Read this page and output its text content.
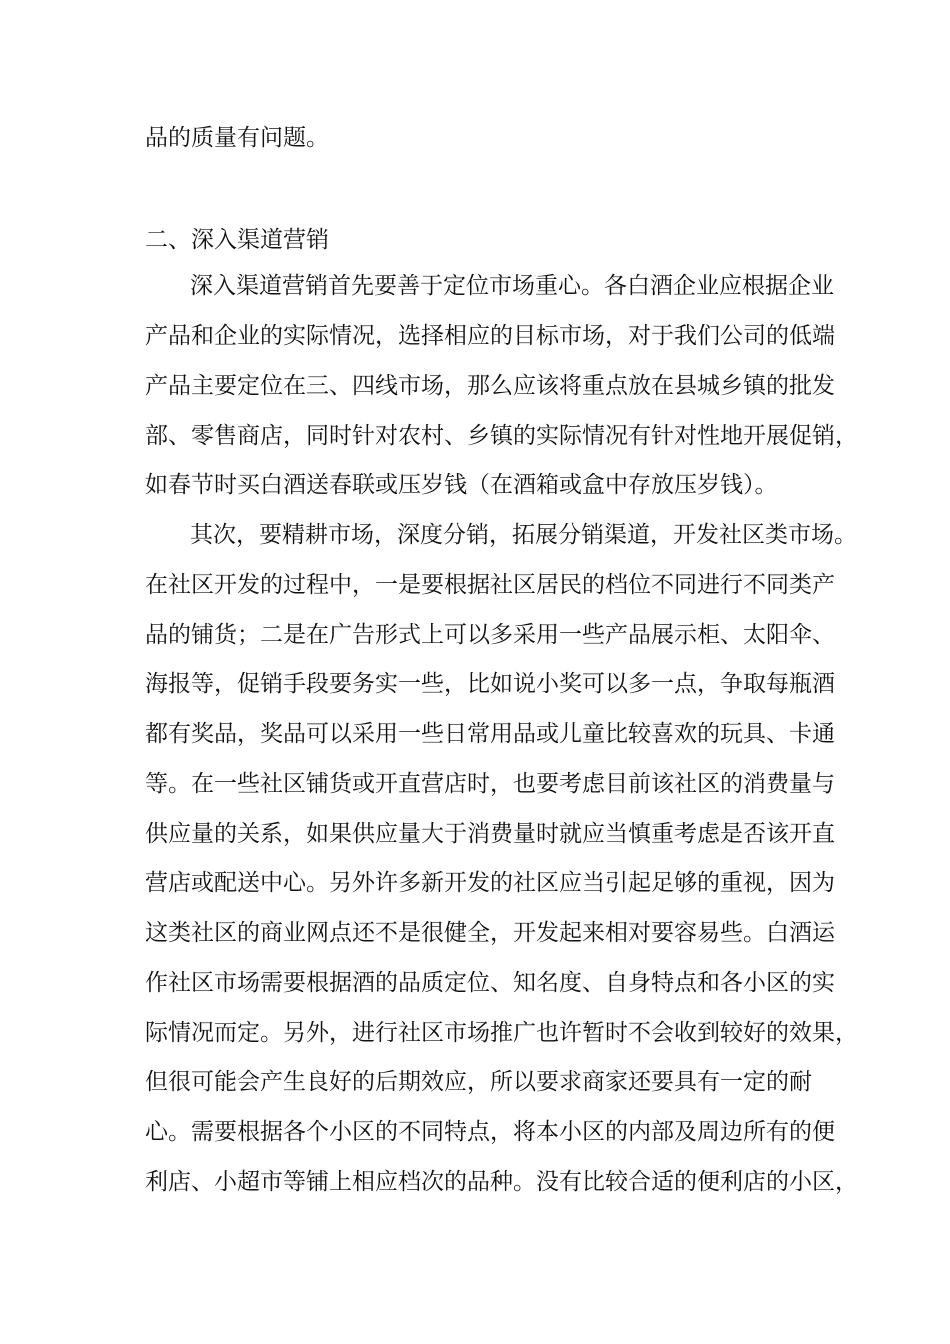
品的质量有问题。
二、深入渠道营销
深入渠道营销首先要善于定位市场重心。各白酒企业应根据企业
产品和企业的实际情况，选择相应的目标市场，对于我们公司的低端
产品主要定位在三、四线市场，那么应该将重点放在县城乡镇的批发
部、零售商店，同时针对农村、乡镇的实际情况有针对性地开展促销，
如春节时买白酒送春联或压岁钱（在酒箱或盒中存放压岁钱）。
其次，要精耕市场，深度分销，拓展分销渠道，开发社区类市场。
在社区开发的过程中，一是要根据社区居民的档位不同进行不同类产
品的铺货；二是在广告形式上可以多采用一些产品展示柜、太阳伞、
海报等，促销手段要务实一些，比如说小奖可以多一点，争取每瓶酒
都有奖品，奖品可以采用一些日常用品或儿童比较喜欢的玩具、卡通
等。在一些社区铺货或开直营店时，也要考虑目前该社区的消费量与
供应量的关系，如果供应量大于消费量时就应当慎重考虑是否该开直
营店或配送中心。另外许多新开发的社区应当引起足够的重视，因为
这类社区的商业网点还不是很健全，开发起来相对要容易些。白酒运
作社区市场需要根据酒的品质定位、知名度、自身特点和各小区的实
际情况而定。另外，进行社区市场推广也许暂时不会收到较好的效果，
但很可能会产生良好的后期效应，所以要求商家还要具有一定的耐
心。需要根据各个小区的不同特点，将本小区的内部及周边所有的便
利店、小超市等铺上相应档次的品种。没有比较合适的便利店的小区，
